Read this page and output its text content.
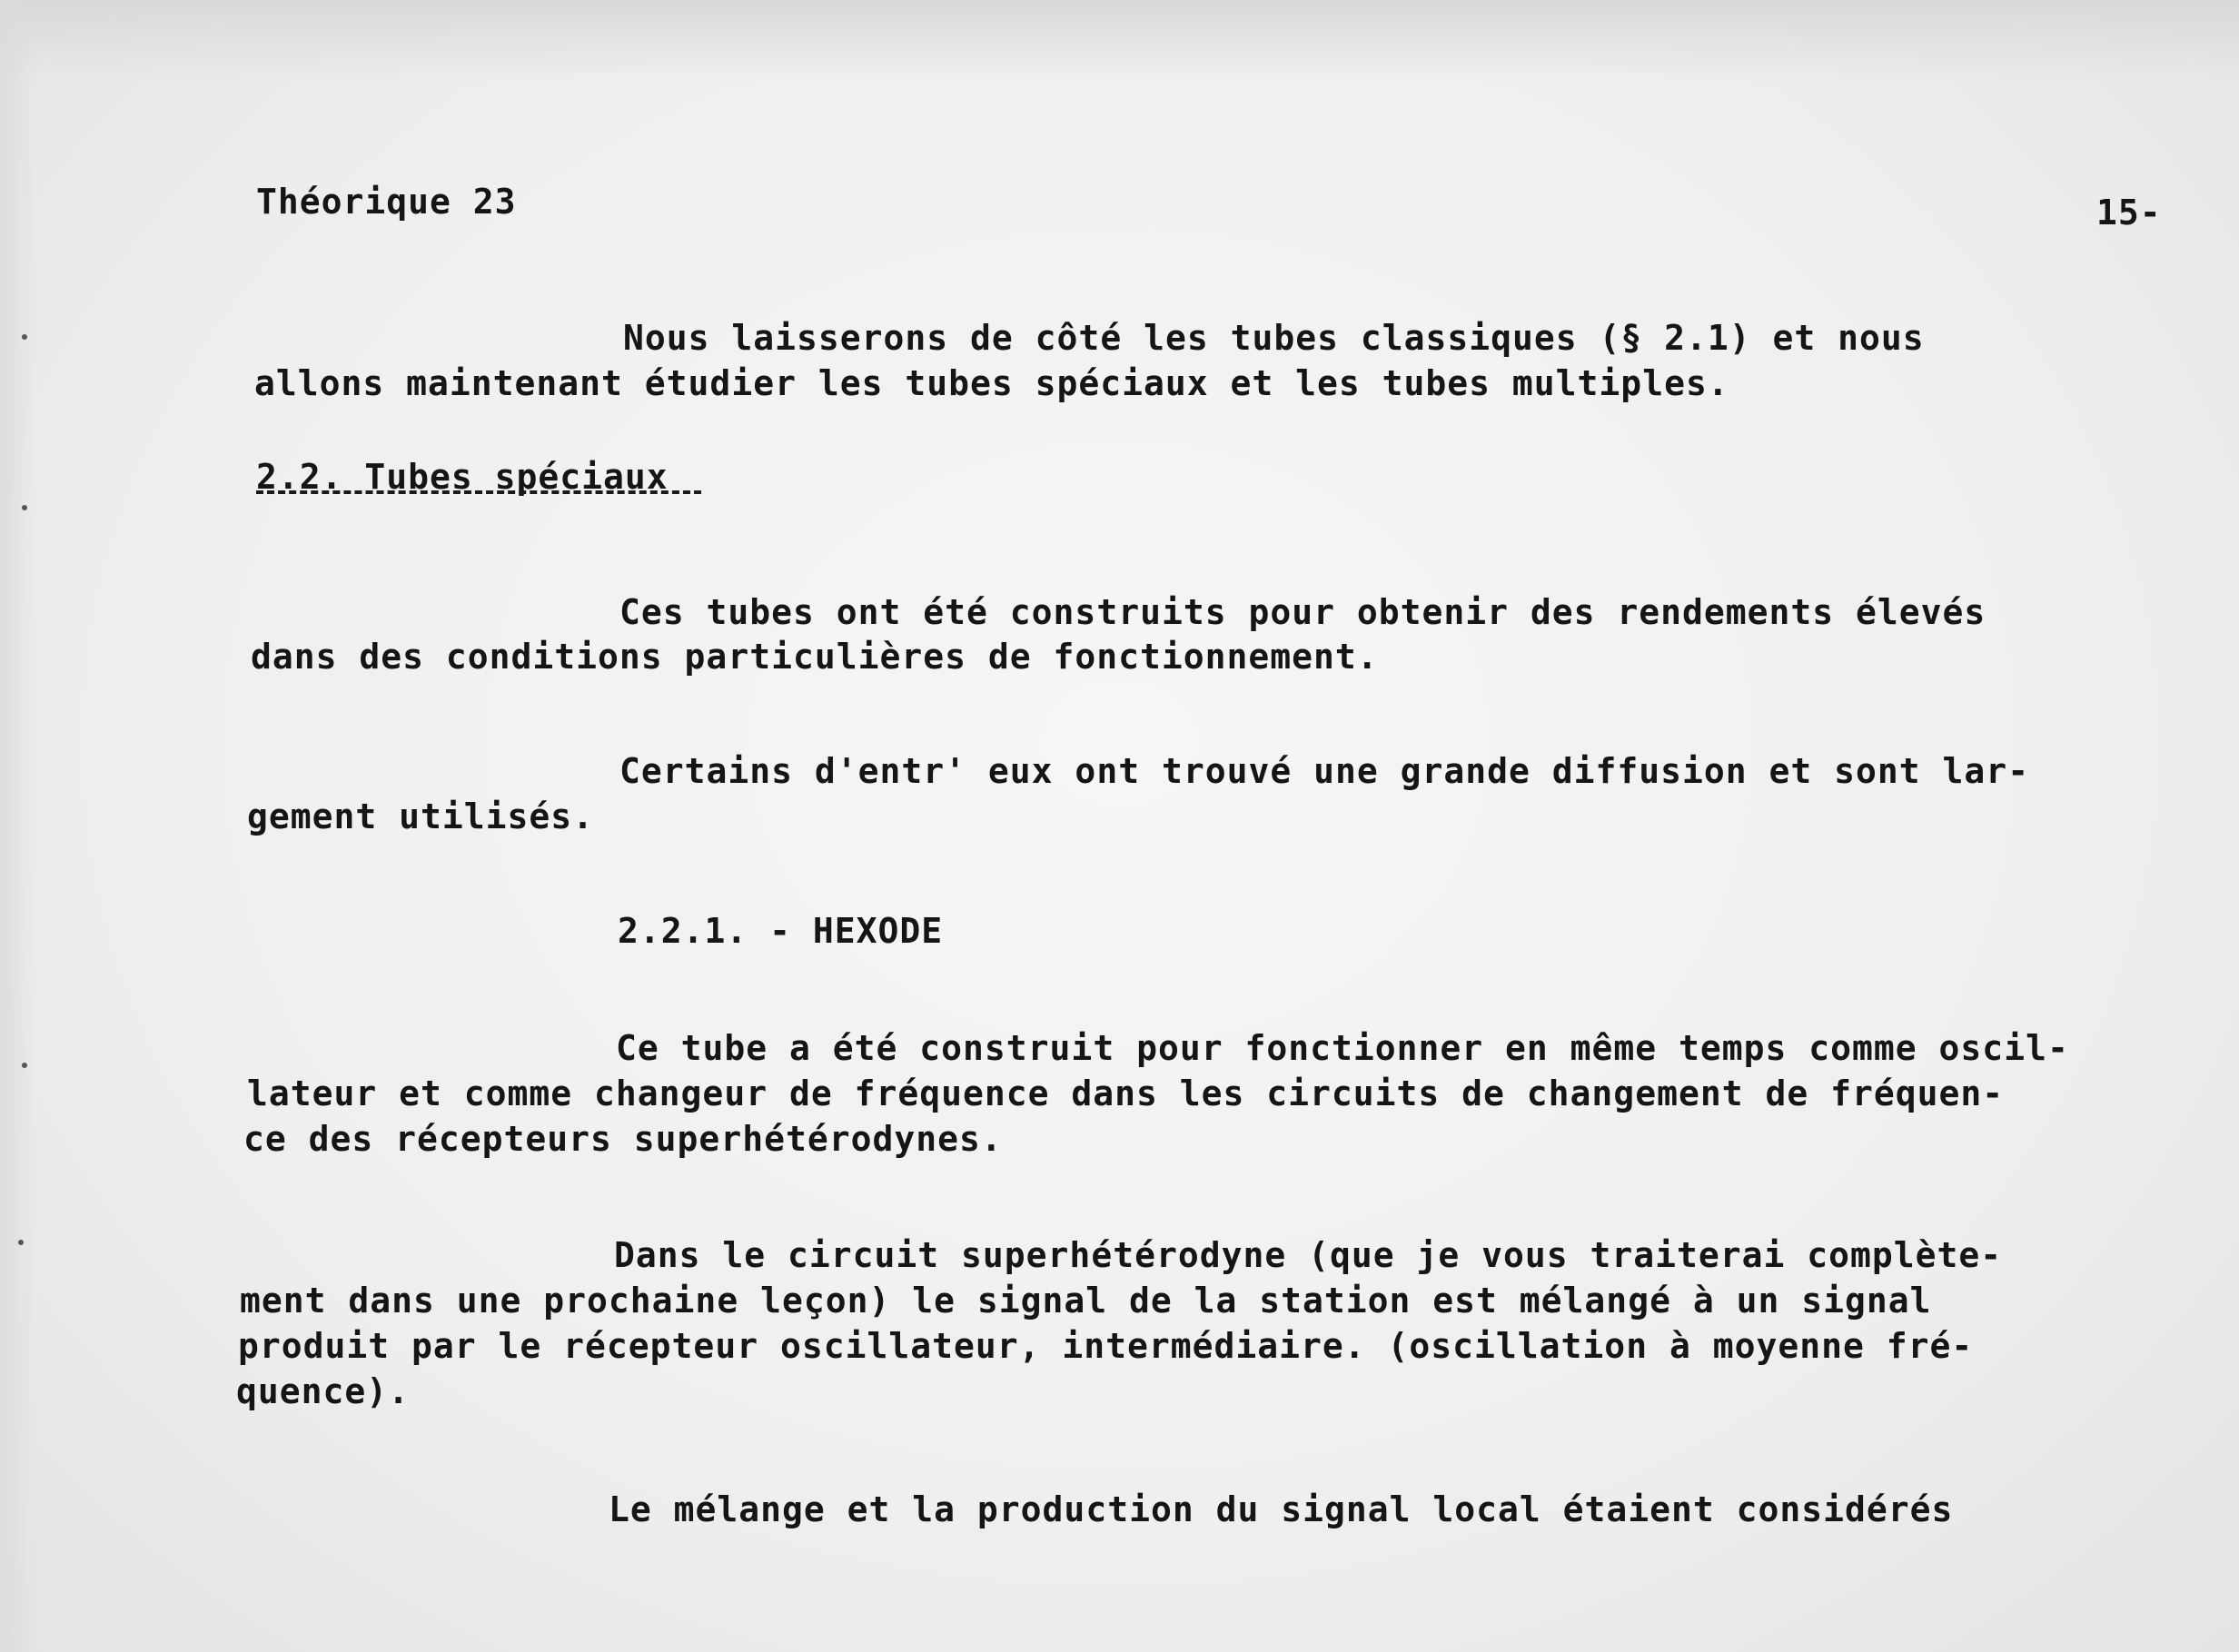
Théorique 23	15-
Nous laisserons de côté les tubes classiques (§ 2.1) et nous
allons maintenant étudier les tubes spéciaux et les tubes multiples.
2.2. Tubes spéciaux
Ces tubes ont été construits pour obtenir des rendements élevés
dans des conditions particulières de fonctionnement.
Certains d'entr' eux ont trouvé une grande diffusion et sont lar-
gement utilisés.
2.2.1. - HEXODE
Ce tube a été construit pour fonctionner en même temps comme oscil-
lateur et comme changeur de fréquence dans les circuits de changement de fréquen-
ce des récepteurs superhétérodynes.
Dans le circuit superhétérodyne (que je vous traiterai complète-
ment dans une prochaine leçon) le signal de la station est mélangé à un signal
produit par le récepteur oscillateur, intermédiaire. (oscillation à moyenne fré-
quence).
Le mélange et la production du signal local étaient considérés
